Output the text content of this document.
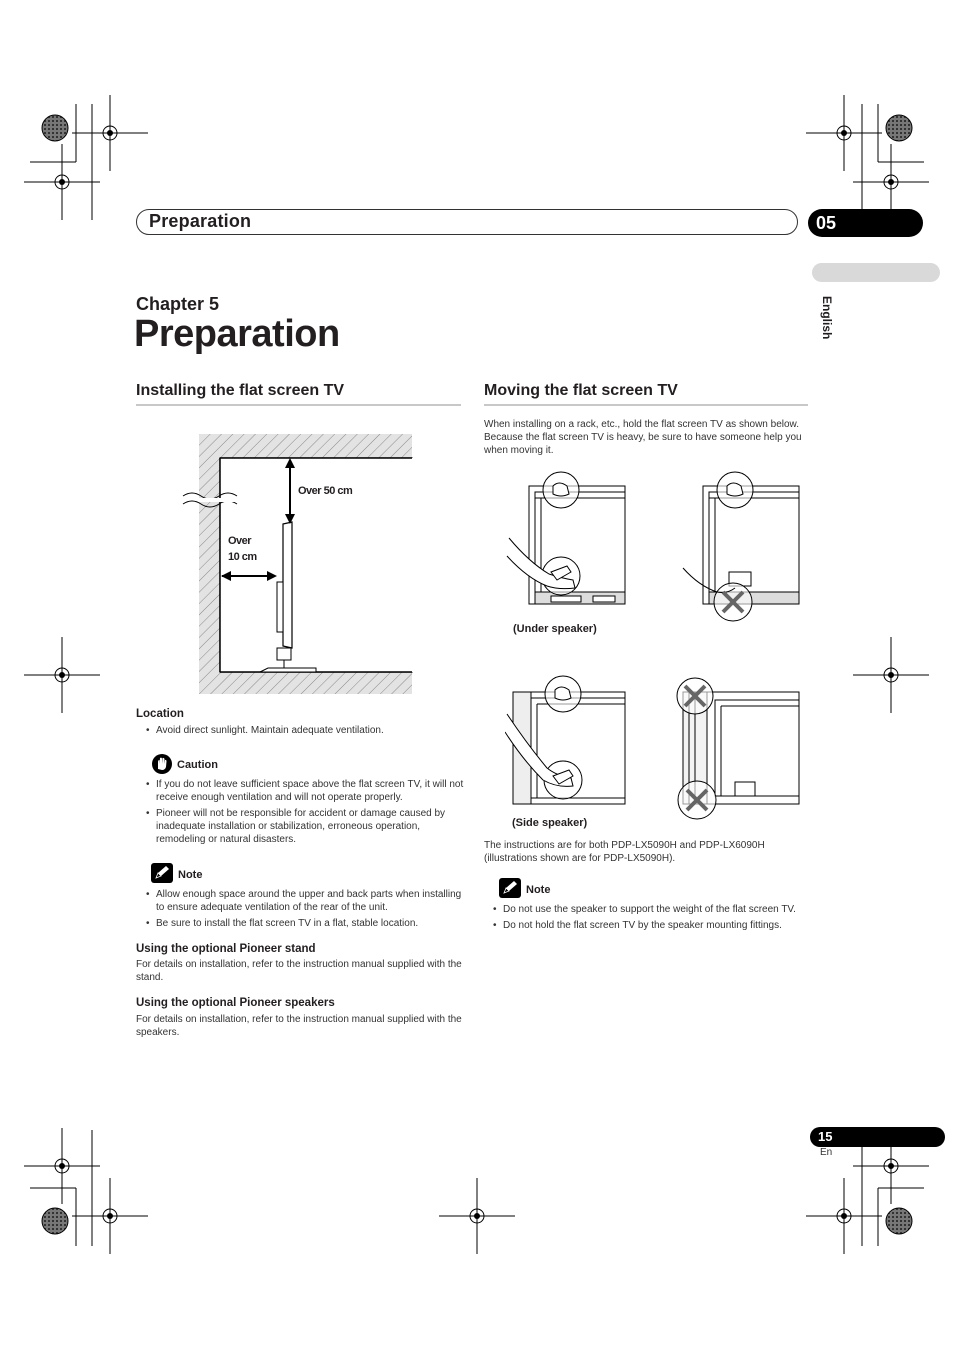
Preparation	05
English
Chapter 5
Preparation
Installing the flat screen TV
Over 50 cm
Over
10 cm
Location
• Avoid direct sunlight. Maintain adequate ventilation.
Caution
• If you do not leave sufficient space above the flat screen TV, it will not receive enough ventilation and will not operate properly.
• Pioneer will not be responsible for accident or damage caused by inadequate installation or stabilization, erroneous operation, remodeling or natural disasters.
Note
• Allow enough space around the upper and back parts when installing to ensure adequate ventilation of the rear of the unit.
• Be sure to install the flat screen TV in a flat, stable location.
Using the optional Pioneer stand
For details on installation, refer to the instruction manual supplied with the stand.
Using the optional Pioneer speakers
For details on installation, refer to the instruction manual supplied with the speakers.
Moving the flat screen TV
When installing on a rack, etc., hold the flat screen TV as shown below. Because the flat screen TV is heavy, be sure to have someone help you when moving it.
(Under speaker)
(Side speaker)
The instructions are for both PDP-LX5090H and PDP-LX6090H (illustrations shown are for PDP-LX5090H).
Note
• Do not use the speaker to support the weight of the flat screen TV.
• Do not hold the flat screen TV by the speaker mounting fittings.
15
En
